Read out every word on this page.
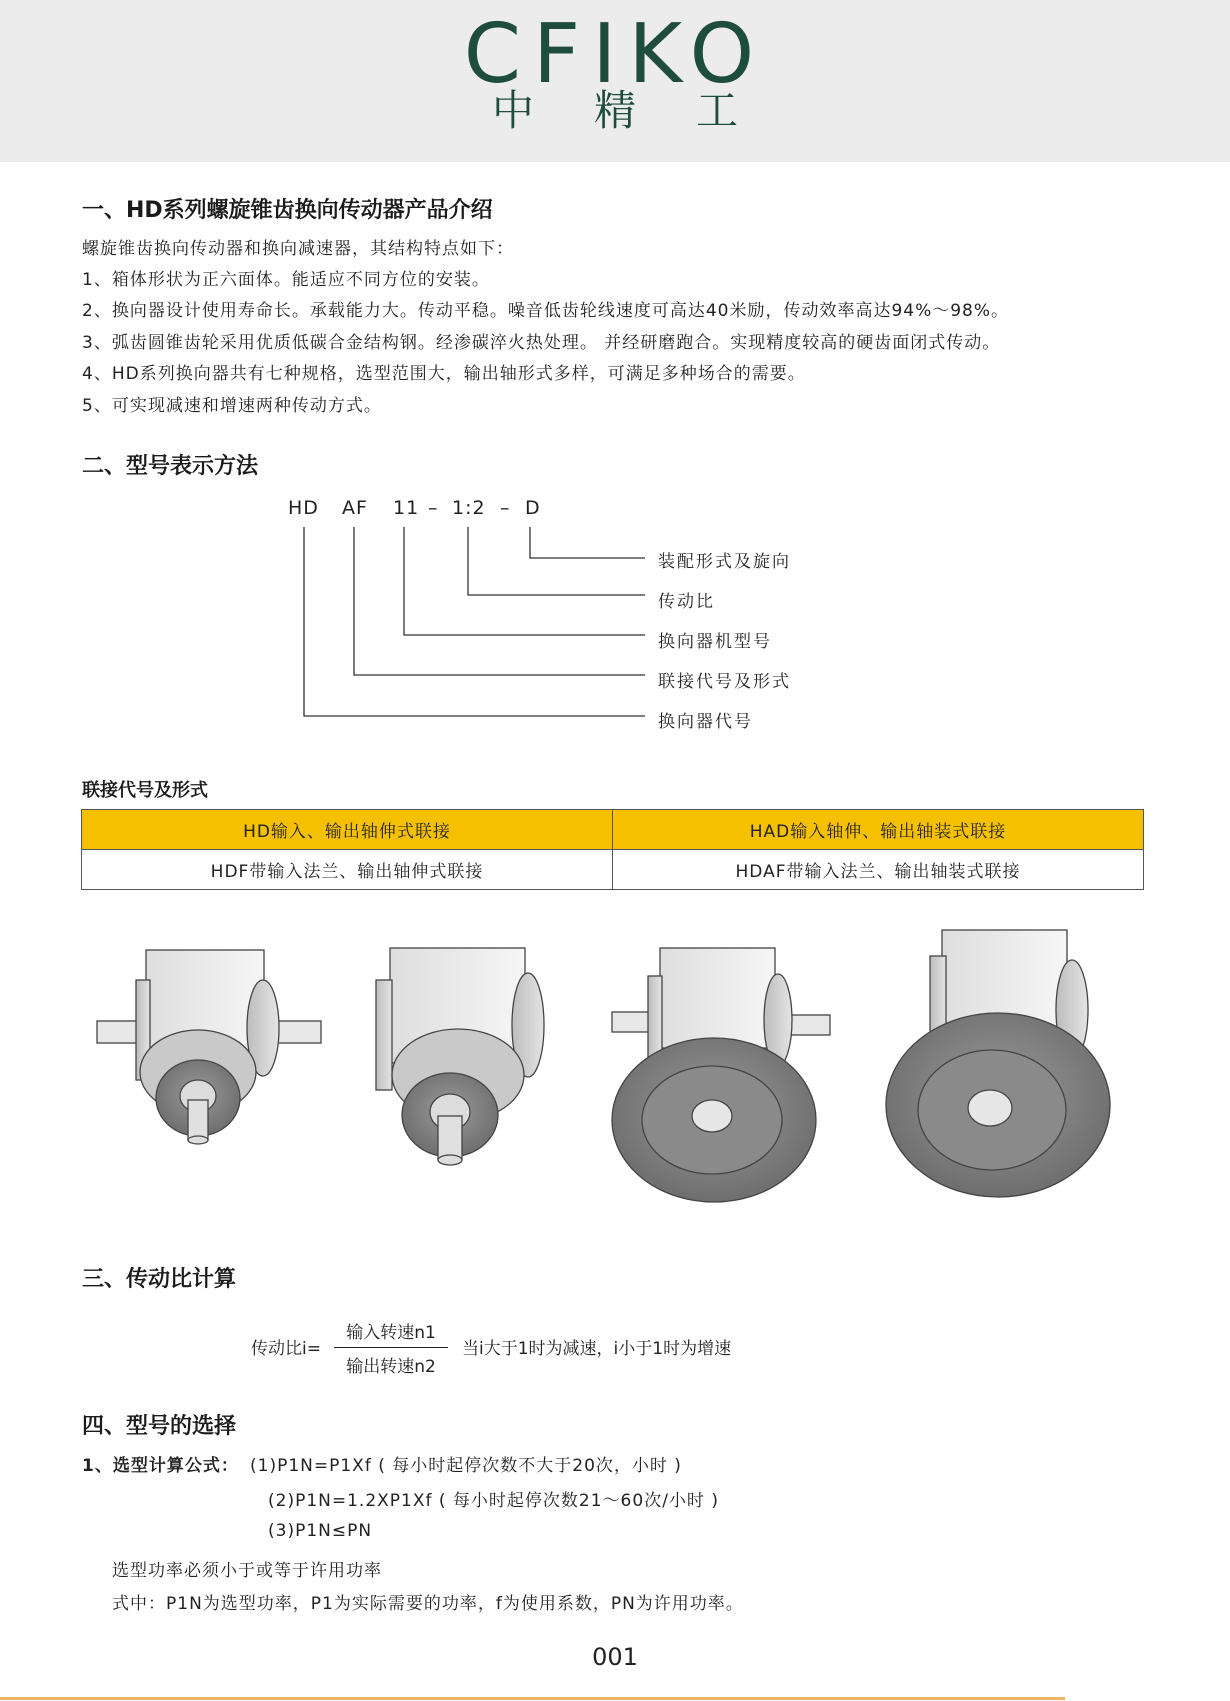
CFIKO
中精工
一、HD系列螺旋锥齿换向传动器产品介绍
螺旋锥齿换向传动器和换向减速器，其结构特点如下：
1、箱体形状为正六面体。能适应不同方位的安装。
2、换向器设计使用寿命长。承载能力大。传动平稳。噪音低齿轮线速度可高达40米励，传动效率高达94%～98%。
3、弧齿圆锥齿轮采用优质低碳合金结构钢。经渗碳淬火热处理。 并经研磨跑合。实现精度较高的硬齿面闭式传动。
4、HD系列换向器共有七种规格，选型范围大，输出轴形式多样，可满足多种场合的需要。
5、可实现减速和增速两种传动方式。
二、型号表示方法
HD AF 11 – 1:2 – D
装配形式及旋向
传动比
换向器机型号
联接代号及形式
换向器代号
联接代号及形式
HD输入、输出轴伸式联接	HAD输入轴伸、输出轴装式联接
HDF带输入法兰、输出轴伸式联接	HDAF带输入法兰、输出轴装式联接
三、传动比计算
传动比i=
输入转速n1
输出转速n2
当i大于1时为减速，i小于1时为增速
四、型号的选择
1、选型计算公式： (1)P1N=P1Xf ( 每小时起停次数不大于20次，小时 )
(2)P1N=1.2XP1Xf ( 每小时起停次数21～60次/小时 )
(3)P1N≤PN
选型功率必须小于或等于许用功率
式中：P1N为选型功率，P1为实际需要的功率，f为使用系数，PN为许用功率。
001
